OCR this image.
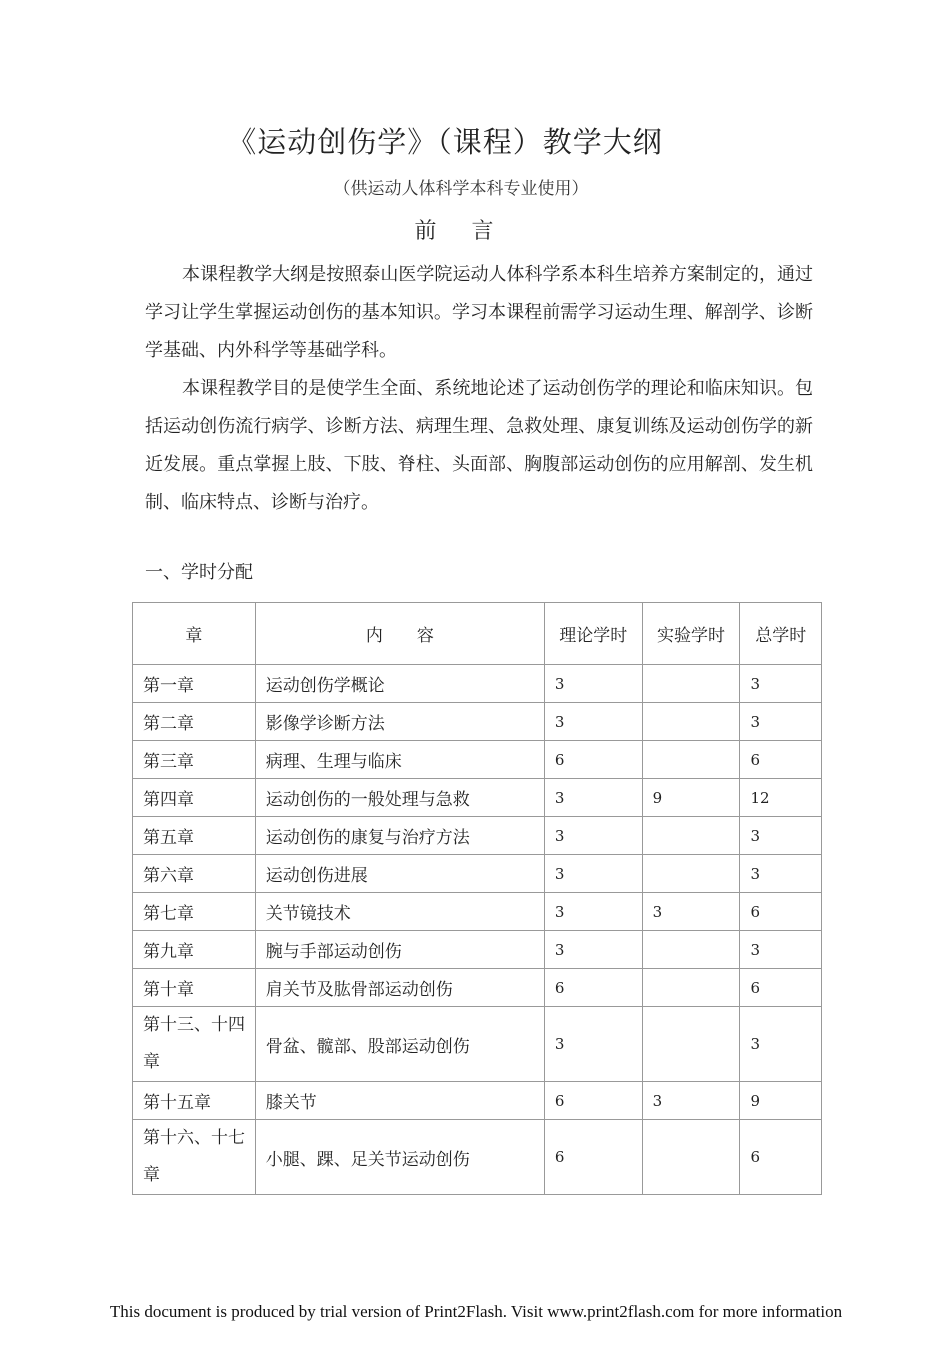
《运动创伤学》（课程）教学大纲
（供运动人体科学本科专业使用）
前 言

本课程教学大纲是按照泰山医学院运动人体科学系本科生培养方案制定的，通过学习让学生掌握运动创伤的基本知识。学习本课程前需学习运动生理、解剖学、诊断学基础、内外科学等基础学科。

本课程教学目的是使学生全面、系统地论述了运动创伤学的理论和临床知识。包括运动创伤流行病学、诊断方法、病理生理、急救处理、康复训练及运动创伤学的新近发展。重点掌握上肢、下肢、脊柱、头面部、胸腹部运动创伤的应用解剖、发生机制、临床特点、诊断与治疗。

一、学时分配
章	内　　容	理论学时	实验学时	总学时
第一章	运动创伤学概论	3		3
第二章	影像学诊断方法	3		3
第三章	病理、生理与临床	6		6
第四章	运动创伤的一般处理与急救	3	9	12
第五章	运动创伤的康复与治疗方法	3		3
第六章	运动创伤进展	3		3
第七章	关节镜技术	3	3	6
第九章	腕与手部运动创伤	3		3
第十章	肩关节及肱骨部运动创伤	6		6
第十三、十四章	骨盆、髋部、股部运动创伤	3		3
第十五章	膝关节	6	3	9
第十六、十七章	小腿、踝、足关节运动创伤	6		6
This document is produced by trial version of Print2Flash. Visit www.print2flash.com for more information
